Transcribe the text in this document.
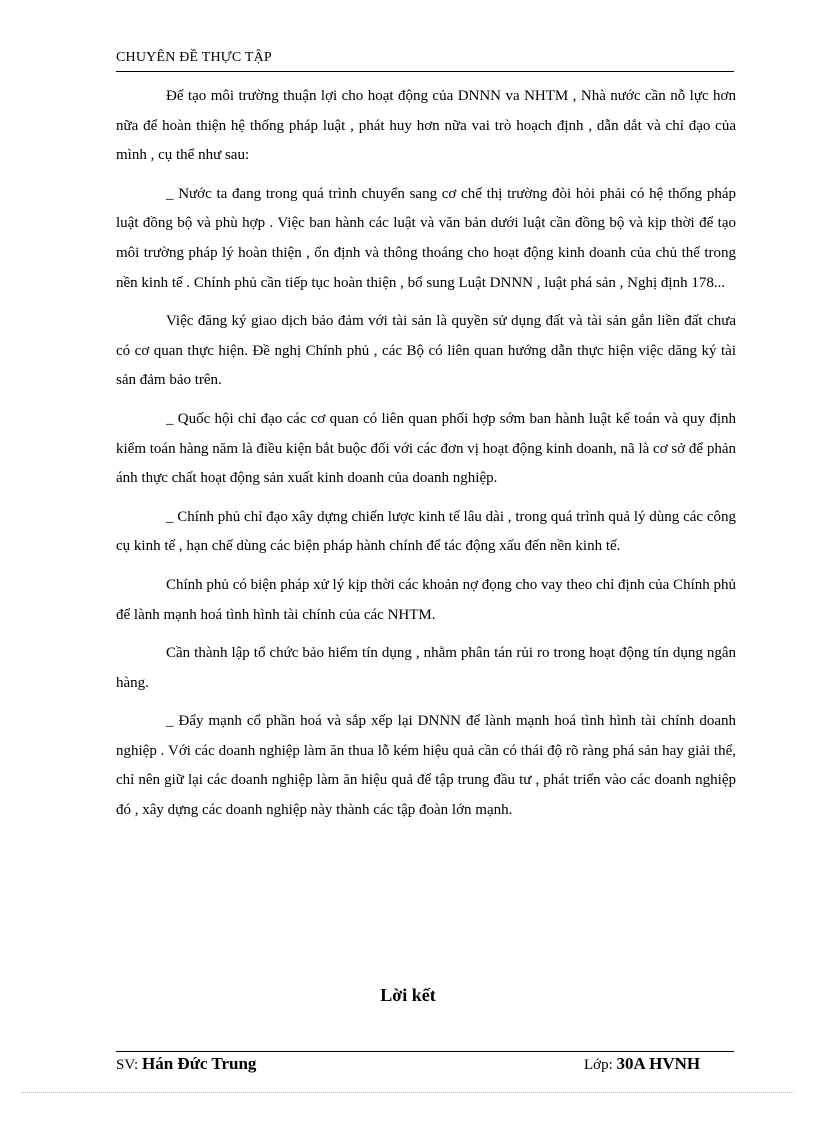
CHUYÊN ĐỀ THỰC TẬP

Để tạo môi trường thuận lợi cho hoạt động của DNNN va NHTM , Nhà nước cần nỗ lực hơn nữa để hoàn thiện hệ thống pháp luật , phát huy hơn nữa vai trò hoạch định , dẫn dắt và chỉ đạo của mình , cụ thể như sau:

_ Nước ta đang trong quá trình chuyển sang cơ chế thị trường đòi hỏi phải có hệ thống pháp luật đồng bộ và phù hợp . Việc ban hành các luật và văn bản dưới luật cần đồng bộ và kịp thời để tạo môi trường pháp lý hoàn thiện , ổn định và thông thoáng cho hoạt động kinh doanh của chủ thể trong nền kinh tế . Chính phủ cần tiếp tục hoàn thiện , bổ sung Luật DNNN , luật phá sản , Nghị định 178...

Việc đăng ký giao dịch bảo đảm với tài sản là quyền sử dụng đất và tài sản gắn liền đất chưa có cơ quan thực hiện. Đề nghị Chính phủ , các Bộ có liên quan hướng dẫn thực hiện việc dăng ký tài sản đảm bảo trên.

_ Quốc hội chỉ đạo các cơ quan có liên quan phối hợp sớm ban hành luật kế toán và quy định kiểm toán hàng năm là điều kiện bắt buộc đối với các đơn vị hoạt động kinh doanh, nã là cơ sở để phản ánh thực chất hoạt động sản xuất kinh doanh của doanh nghiệp.

_ Chính phủ chỉ đạo xây dựng chiến lược kinh tế lâu dài , trong quá trình quả lý dùng các công cụ kinh tế , hạn chế dùng các biện pháp hành chính để tác động xấu đến nền kinh tế.

Chính phủ có biện pháp xử lý kịp thời các khoản nợ đọng cho vay theo chỉ định của Chính phủ để lành mạnh hoá tình hình tài chính của các NHTM.

Cần thành lập tổ chức bảo hiểm tín dụng , nhằm phân tán rủi ro trong hoạt động tín dụng ngân hàng.

_ Đẩy mạnh cổ phần hoá và sắp xếp lại DNNN để lành mạnh hoá tình hình tài chính doanh nghiệp . Với các doanh nghiệp làm ăn thua lỗ kém hiệu quả cần có thái độ rõ ràng phá sản hay giải thể, chỉ nên giữ lại các doanh nghiệp làm ăn hiệu quả để tập trung đầu tư , phát triển vào các doanh nghiệp đó , xây dựng các doanh nghiệp này thành các tập đoàn lớn mạnh.

Lời kết
SV: Hán Đức Trung	Lớp: 30A HVNH
